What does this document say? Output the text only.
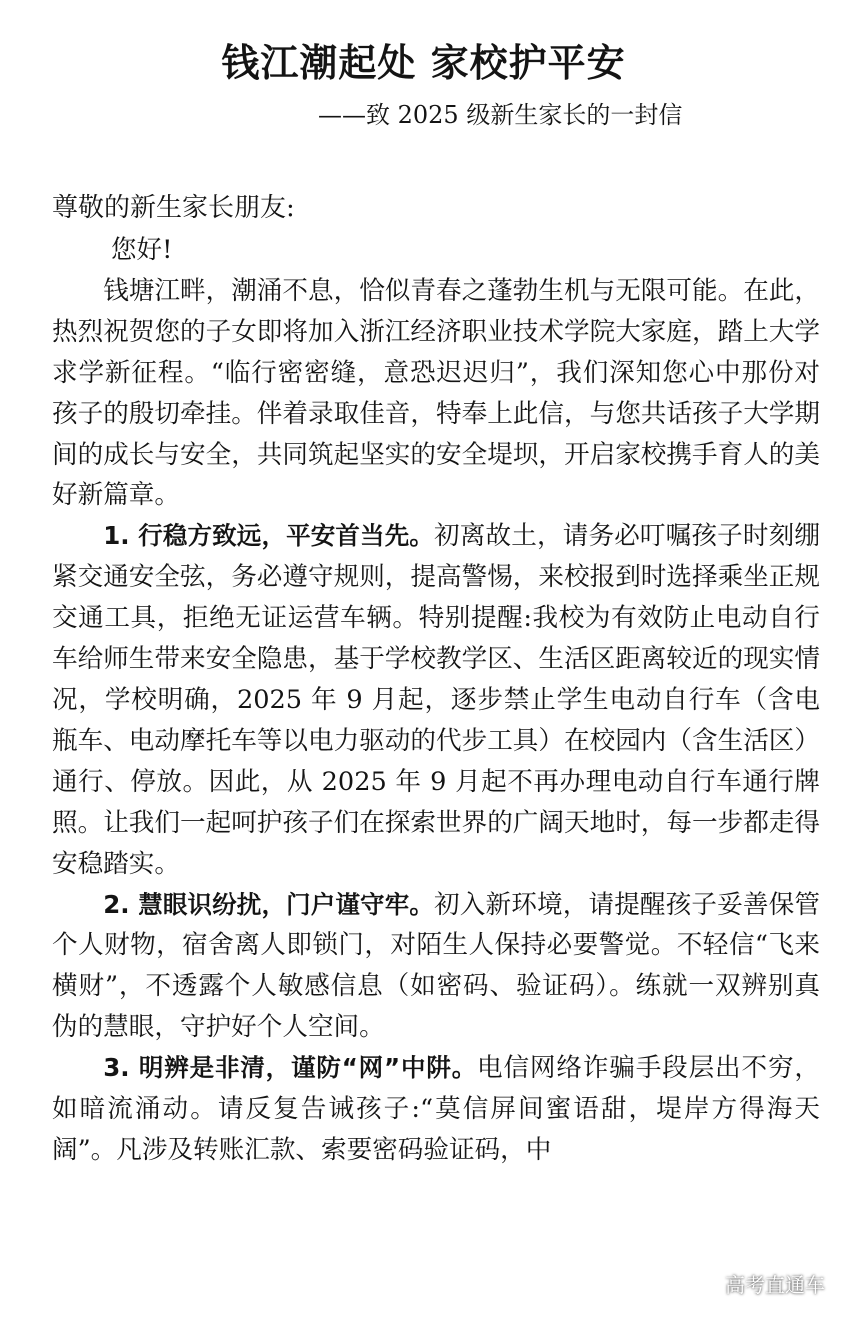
钱江潮起处 家校护平安
——致 2025 级新生家长的一封信
尊敬的新生家长朋友:

您好!

钱塘江畔，潮涌不息，恰似青春之蓬勃生机与无限可能。在此，热烈祝贺您的子女即将加入浙江经济职业技术学院大家庭，踏上大学求学新征程。“临行密密缝，意恐迟迟归”，我们深知您心中那份对孩子的殷切牵挂。伴着录取佳音，特奉上此信，与您共话孩子大学期间的成长与安全，共同筑起坚实的安全堤坝，开启家校携手育人的美好新篇章。

1. 行稳方致远，平安首当先。初离故土，请务必叮嘱孩子时刻绷紧交通安全弦，务必遵守规则，提高警惕，来校报到时选择乘坐正规交通工具，拒绝无证运营车辆。特别提醒:我校为有效防止电动自行车给师生带来安全隐患，基于学校教学区、生活区距离较近的现实情况，学校明确，2025 年 9 月起，逐步禁止学生电动自行车（含电瓶车、电动摩托车等以电力驱动的代步工具）在校园内（含生活区）通行、停放。因此，从 2025 年 9 月起不再办理电动自行车通行牌照。让我们一起呵护孩子们在探索世界的广阔天地时，每一步都走得安稳踏实。

2. 慧眼识纷扰，门户谨守牢。初入新环境，请提醒孩子妥善保管个人财物，宿舍离人即锁门，对陌生人保持必要警觉。不轻信“飞来横财”，不透露个人敏感信息（如密码、验证码）。练就一双辨别真伪的慧眼，守护好个人空间。

3. 明辨是非清，谨防“网”中阱。电信网络诈骗手段层出不穷，如暗流涌动。请反复告诫孩子:“莫信屏间蜜语甜，堤岸方得海天阔”。凡涉及转账汇款、索要密码验证码，中

高考直通车
